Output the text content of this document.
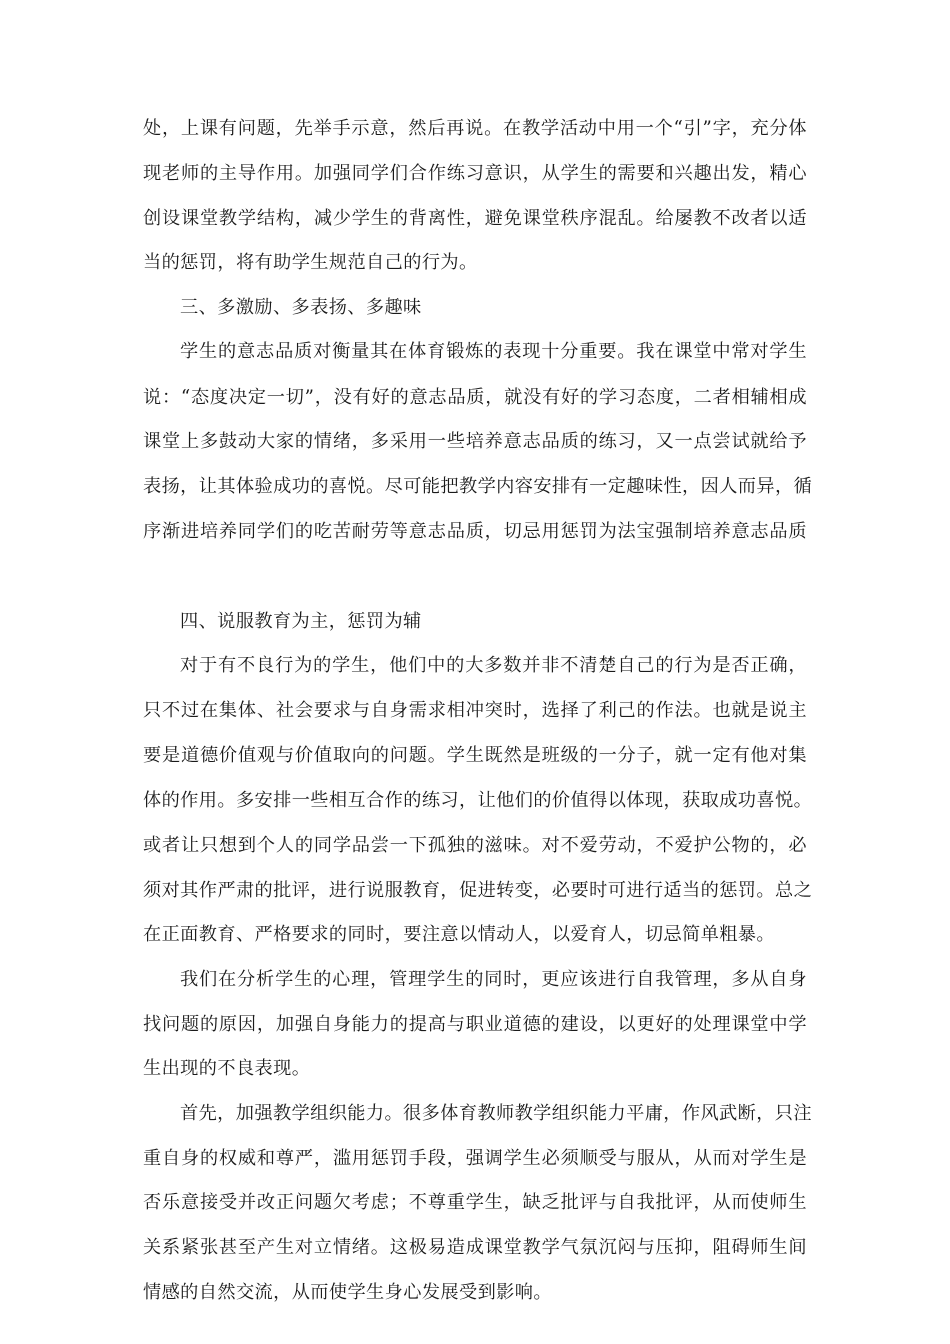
处，上课有问题，先举手示意，然后再说。在教学活动中用一个“引”字，充分体
现老师的主导作用。加强同学们合作练习意识，从学生的需要和兴趣出发，精心
创设课堂教学结构，减少学生的背离性，避免课堂秩序混乱。给屡教不改者以适
当的惩罚，将有助学生规范自己的行为。
三、多激励、多表扬、多趣味
学生的意志品质对衡量其在体育锻炼的表现十分重要。我在课堂中常对学生
说：“态度决定一切”，没有好的意志品质，就没有好的学习态度，二者相辅相成
课堂上多鼓动大家的情绪，多采用一些培养意志品质的练习，又一点尝试就给予
表扬，让其体验成功的喜悦。尽可能把教学内容安排有一定趣味性，因人而异，循
序渐进培养同学们的吃苦耐劳等意志品质，切忌用惩罚为法宝强制培养意志品质
四、说服教育为主，惩罚为辅
对于有不良行为的学生，他们中的大多数并非不清楚自己的行为是否正确，
只不过在集体、社会要求与自身需求相冲突时，选择了利己的作法。也就是说主
要是道德价值观与价值取向的问题。学生既然是班级的一分子，就一定有他对集
体的作用。多安排一些相互合作的练习，让他们的价值得以体现，获取成功喜悦。
或者让只想到个人的同学品尝一下孤独的滋味。对不爱劳动，不爱护公物的，必
须对其作严肃的批评，进行说服教育，促进转变，必要时可进行适当的惩罚。总之
在正面教育、严格要求的同时，要注意以情动人，以爱育人，切忌简单粗暴。
我们在分析学生的心理，管理学生的同时，更应该进行自我管理，多从自身
找问题的原因，加强自身能力的提高与职业道德的建设，以更好的处理课堂中学
生出现的不良表现。
首先，加强教学组织能力。很多体育教师教学组织能力平庸，作风武断，只注
重自身的权威和尊严，滥用惩罚手段，强调学生必须顺受与服从，从而对学生是
否乐意接受并改正问题欠考虑；不尊重学生，缺乏批评与自我批评，从而使师生
关系紧张甚至产生对立情绪。这极易造成课堂教学气氛沉闷与压抑，阻碍师生间
情感的自然交流，从而使学生身心发展受到影响。
